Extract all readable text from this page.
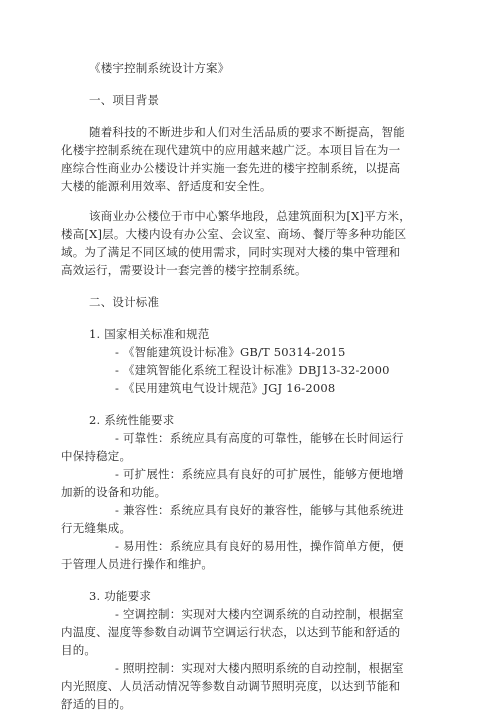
《楼宇控制系统设计方案》
一、项目背景
随着科技的不断进步和人们对生活品质的要求不断提高，智能
化楼宇控制系统在现代建筑中的应用越来越广泛。本项目旨在为一
座综合性商业办公楼设计并实施一套先进的楼宇控制系统，以提高
大楼的能源利用效率、舒适度和安全性。
该商业办公楼位于市中心繁华地段，总建筑面积为[X]平方米，
楼高[X]层。大楼内设有办公室、会议室、商场、餐厅等多种功能区
域。为了满足不同区域的使用需求，同时实现对大楼的集中管理和
高效运行，需要设计一套完善的楼宇控制系统。
二、设计标准
1. 国家相关标准和规范
- 《智能建筑设计标准》GB/T 50314-2015
- 《建筑智能化系统工程设计标准》DBJ13-32-2000
- 《民用建筑电气设计规范》JGJ 16-2008
2. 系统性能要求
- 可靠性：系统应具有高度的可靠性，能够在长时间运行
中保持稳定。
- 可扩展性：系统应具有良好的可扩展性，能够方便地增
加新的设备和功能。
- 兼容性：系统应具有良好的兼容性，能够与其他系统进
行无缝集成。
- 易用性：系统应具有良好的易用性，操作简单方便，便
于管理人员进行操作和维护。
3. 功能要求
- 空调控制：实现对大楼内空调系统的自动控制，根据室
内温度、湿度等参数自动调节空调运行状态，以达到节能和舒适的
目的。
- 照明控制：实现对大楼内照明系统的自动控制，根据室
内光照度、人员活动情况等参数自动调节照明亮度，以达到节能和
舒适的目的。
